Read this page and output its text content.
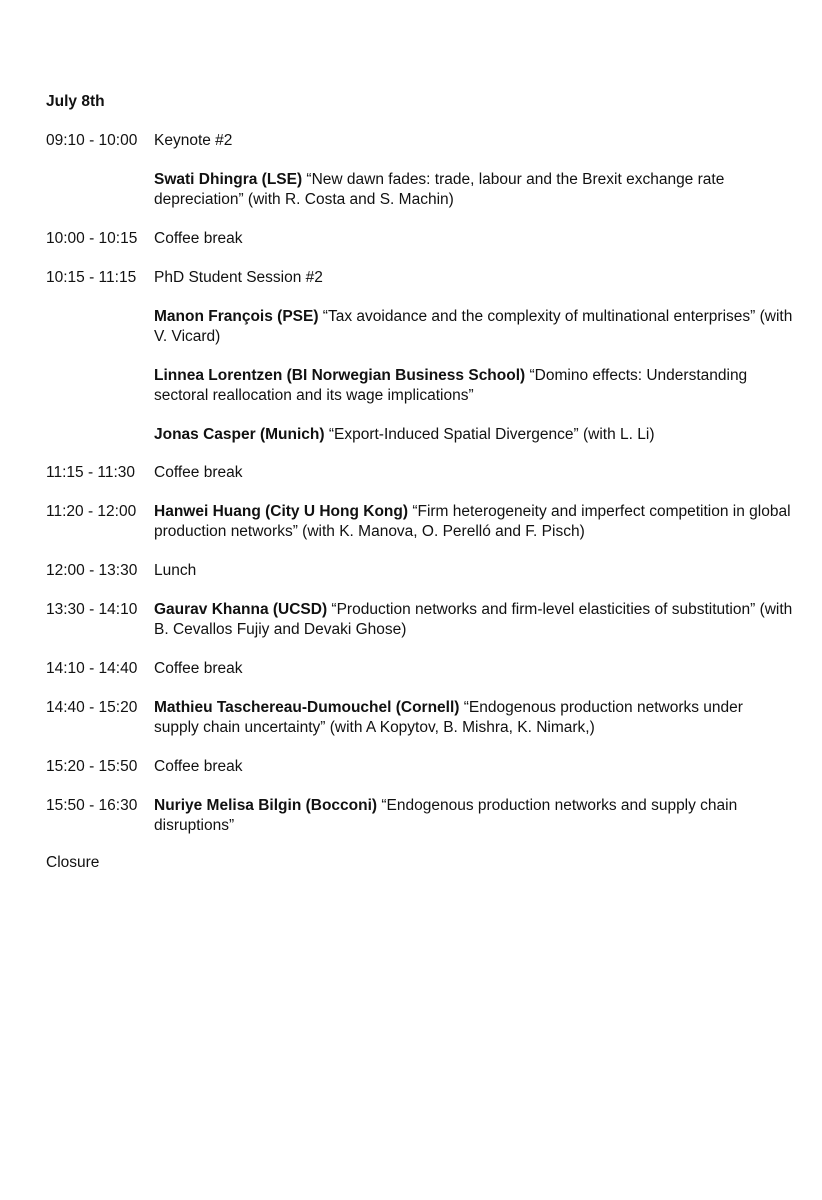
July 8th
09:10 - 10:00 Keynote #2
Swati Dhingra (LSE) “New dawn fades: trade, labour and the Brexit exchange rate depreciation” (with R. Costa and S. Machin)
10:00 - 10:15 Coffee break
10:15 - 11:15 PhD Student Session #2
Manon François (PSE) “Tax avoidance and the complexity of multinational enterprises” (with V. Vicard)
Linnea Lorentzen (BI Norwegian Business School) “Domino effects: Understanding sectoral reallocation and its wage implications”
Jonas Casper (Munich) “Export-Induced Spatial Divergence” (with L. Li)
11:15 - 11:30 Coffee break
11:20 - 12:00 Hanwei Huang (City U Hong Kong) “Firm heterogeneity and imperfect competition in global production networks” (with K. Manova, O. Perelló and F. Pisch)
12:00 - 13:30 Lunch
13:30 - 14:10 Gaurav Khanna (UCSD) “Production networks and firm-level elasticities of substitution” (with B. Cevallos Fujiy and Devaki Ghose)
14:10 - 14:40 Coffee break
14:40 - 15:20 Mathieu Taschereau-Dumouchel (Cornell) “Endogenous production networks under supply chain uncertainty” (with A Kopytov, B. Mishra, K. Nimark,)
15:20 - 15:50 Coffee break
15:50 - 16:30 Nuriye Melisa Bilgin (Bocconi) “Endogenous production networks and supply chain disruptions”
Closure
